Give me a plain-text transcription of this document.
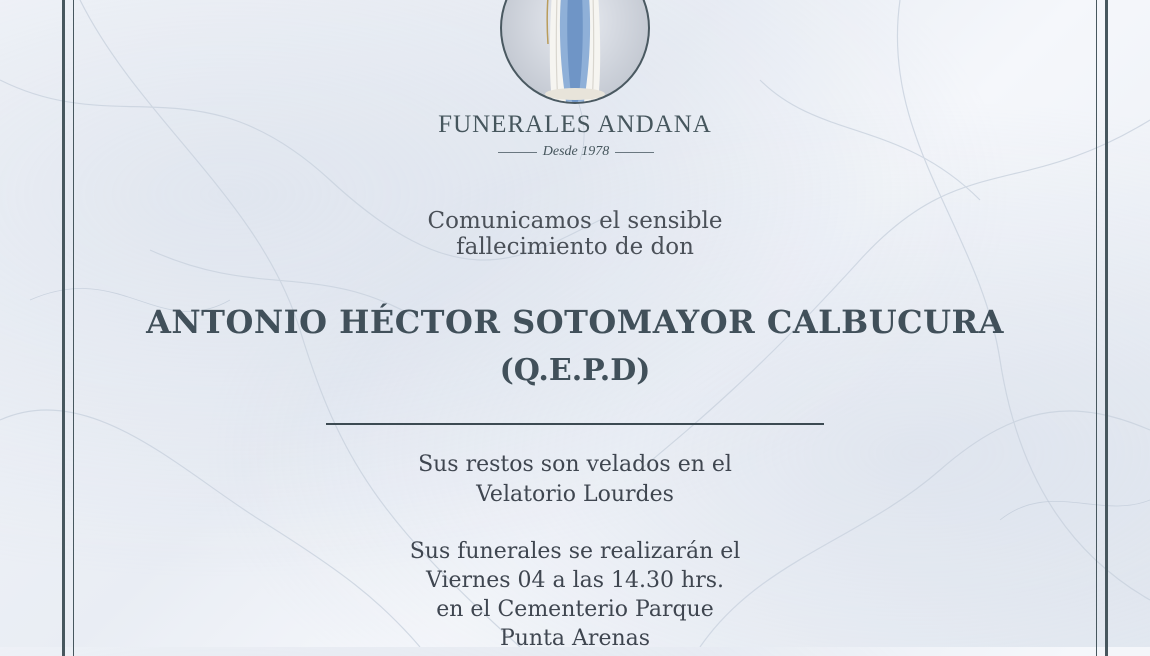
FUNERALES ANDANA
Desde 1978
Comunicamos el sensible
fallecimiento de don
ANTONIO HÉCTOR SOTOMAYOR CALBUCURA
(Q.E.P.D)
Sus restos son velados en el
Velatorio Lourdes
Sus funerales se realizarán el
Viernes 04 a las 14.30 hrs.
en el Cementerio Parque
Punta Arenas
